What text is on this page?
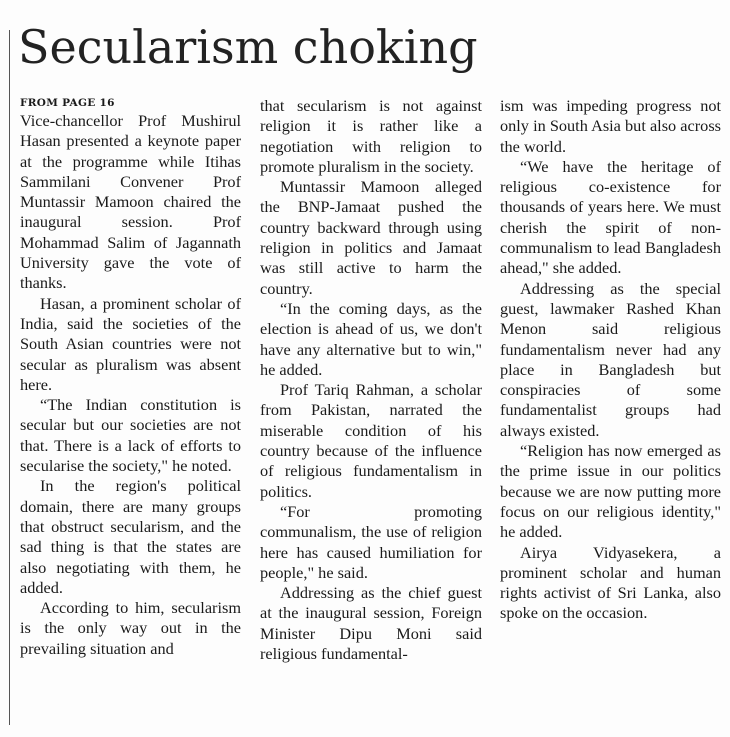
Secularism choking
FROM PAGE 16

Vice-chancellor Prof Mushirul Hasan presented a keynote paper at the programme while Itihas Sammilani Convener Prof Muntassir Mamoon chaired the inaugural session. Prof Mohammad Salim of Jagannath University gave the vote of thanks.

Hasan, a prominent scholar of India, said the societies of the South Asian countries were not secular as pluralism was absent here.

“The Indian constitution is secular but our societies are not that. There is a lack of efforts to secularise the society," he noted.

In the region's political domain, there are many groups that obstruct secularism, and the sad thing is that the states are also negotiating with them, he added.

According to him, secularism is the only way out in the prevailing situation and

that secularism is not against religion it is rather like a negotiation with religion to promote pluralism in the society.

Muntassir Mamoon alleged the BNP-Jamaat pushed the country backward through using religion in politics and Jamaat was still active to harm the country.

“In the coming days, as the election is ahead of us, we don't have any alternative but to win," he added.

Prof Tariq Rahman, a scholar from Pakistan, narrated the miserable condition of his country because of the influence of religious fundamentalism in politics.

“For promoting communalism, the use of religion here has caused humiliation for people," he said.

Addressing as the chief guest at the inaugural session, Foreign Minister Dipu Moni said religious fundamental-

ism was impeding progress not only in South Asia but also across the world.

“We have the heritage of religious co-existence for thousands of years here. We must cherish the spirit of non-communalism to lead Bangladesh ahead," she added.

Addressing as the special guest, lawmaker Rashed Khan Menon said religious fundamentalism never had any place in Bangladesh but conspiracies of some fundamentalist groups had always existed.

“Religion has now emerged as the prime issue in our politics because we are now putting more focus on our religious identity," he added.

Airya Vidyasekera, a prominent scholar and human rights activist of Sri Lanka, also spoke on the occasion.
